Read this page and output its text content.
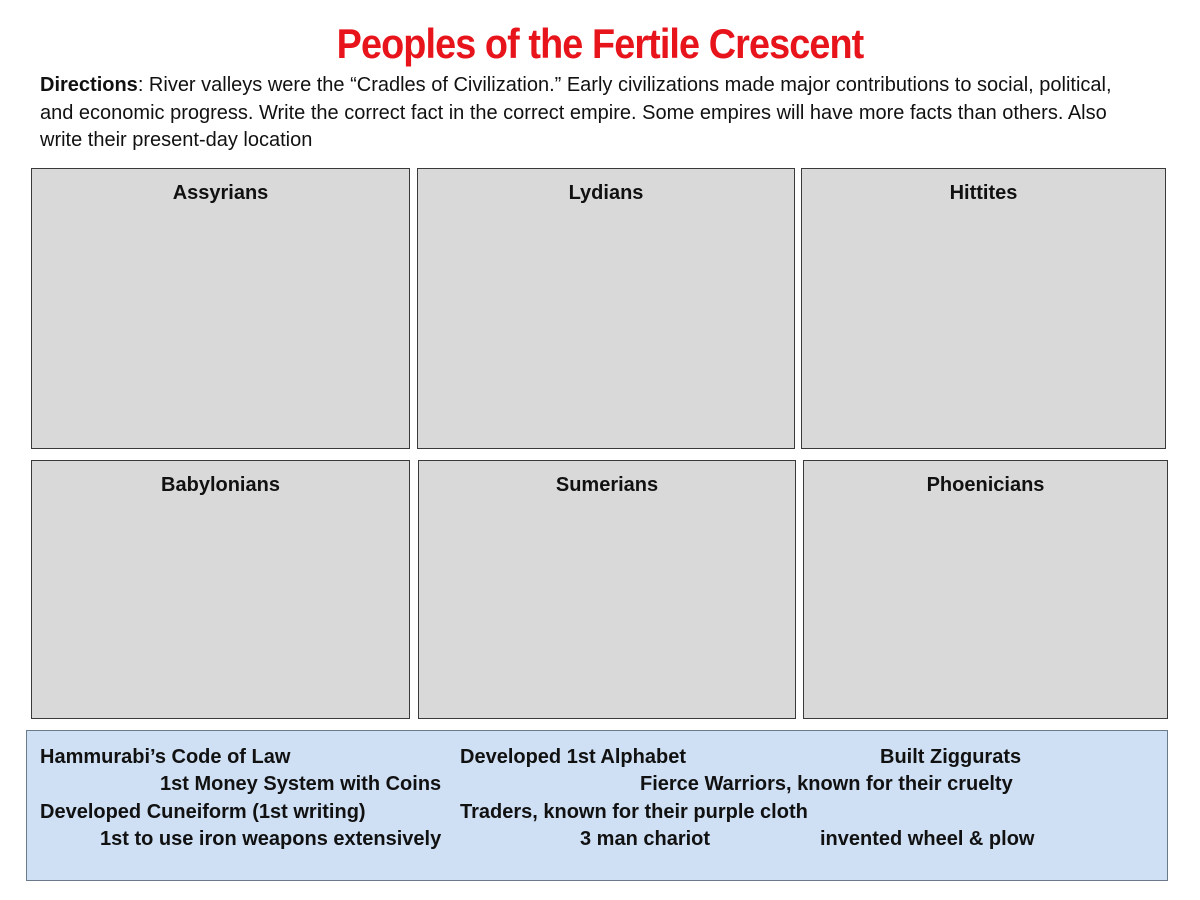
Peoples of the Fertile Crescent
Directions: River valleys were the “Cradles of Civilization.” Early civilizations made major contributions to social, political, and economic progress. Write the correct fact in the correct empire. Some empires will have more facts than others. Also write their present-day location
Assyrians	Lydians	Hittites
Babylonians	Sumerians	Phoenicians
Hammurabi’s Code of Law	Developed 1st Alphabet	Built Ziggurats
1st Money System with Coins	Fierce Warriors, known for their cruelty
Developed Cuneiform (1st writing)	Traders, known for their purple cloth
1st to use iron weapons extensively	3 man chariot	invented wheel & plow
